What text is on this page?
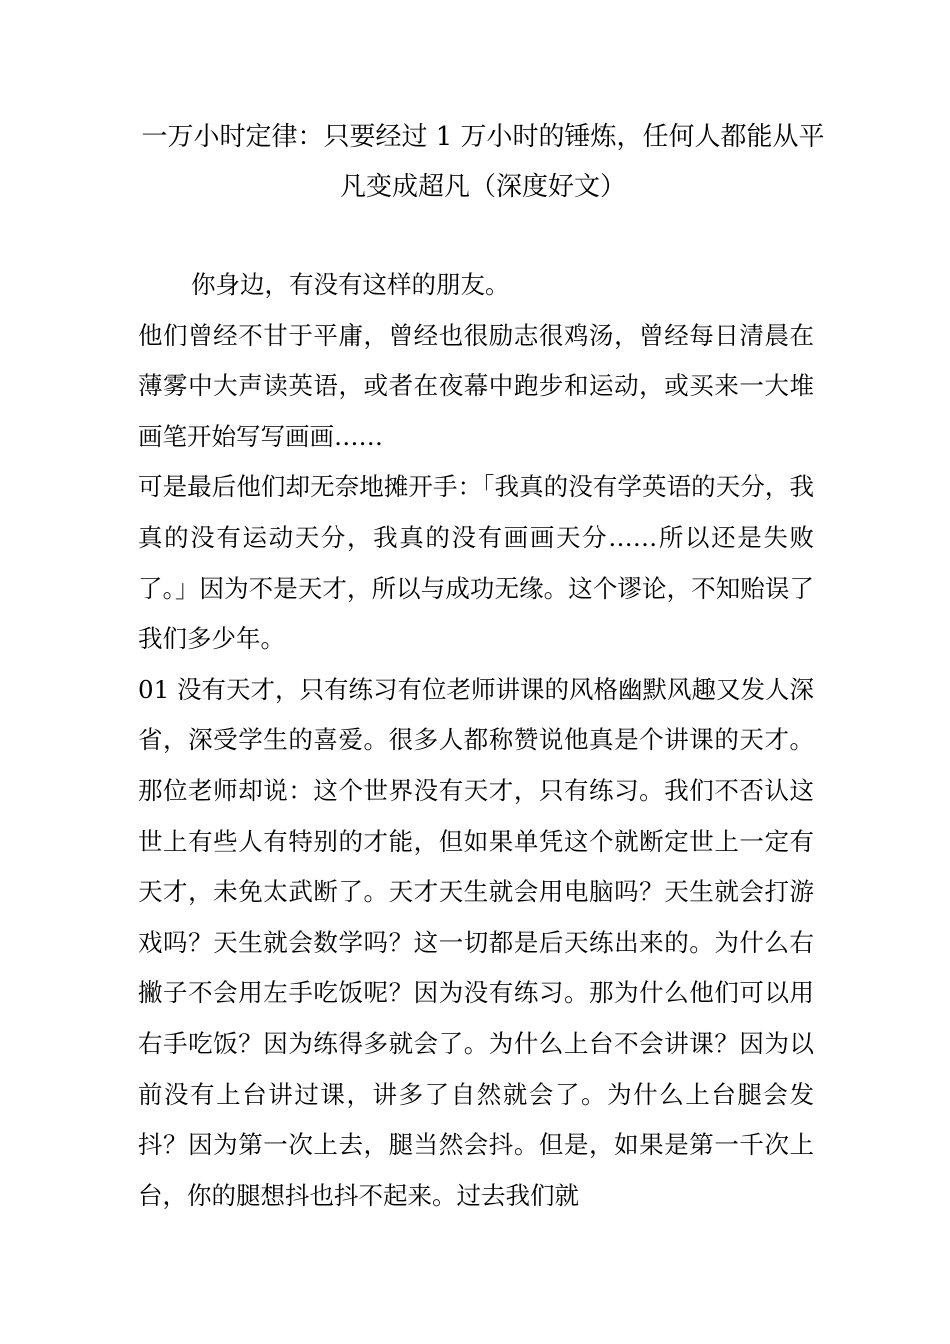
一万小时定律：只要经过 1 万小时的锤炼，任何人都能从平凡变成超凡（深度好文）

你身边，有没有这样的朋友。

他们曾经不甘于平庸，曾经也很励志很鸡汤，曾经每日清晨在薄雾中大声读英语，或者在夜幕中跑步和运动，或买来一大堆画笔开始写写画画……

可是最后他们却无奈地摊开手：「我真的没有学英语的天分，我真的没有运动天分，我真的没有画画天分……所以还是失败了。」因为不是天才，所以与成功无缘。这个谬论，不知贻误了我们多少年。

01 没有天才，只有练习有位老师讲课的风格幽默风趣又发人深省，深受学生的喜爱。很多人都称赞说他真是个讲课的天才。那位老师却说：这个世界没有天才，只有练习。我们不否认这世上有些人有特别的才能，但如果单凭这个就断定世上一定有天才，未免太武断了。天才天生就会用电脑吗？天生就会打游戏吗？天生就会数学吗？这一切都是后天练出来的。为什么右撇子不会用左手吃饭呢？因为没有练习。那为什么他们可以用右手吃饭？因为练得多就会了。为什么上台不会讲课？因为以前没有上台讲过课，讲多了自然就会了。为什么上台腿会发抖？因为第一次上去，腿当然会抖。但是，如果是第一千次上台，你的腿想抖也抖不起来。过去我们就
